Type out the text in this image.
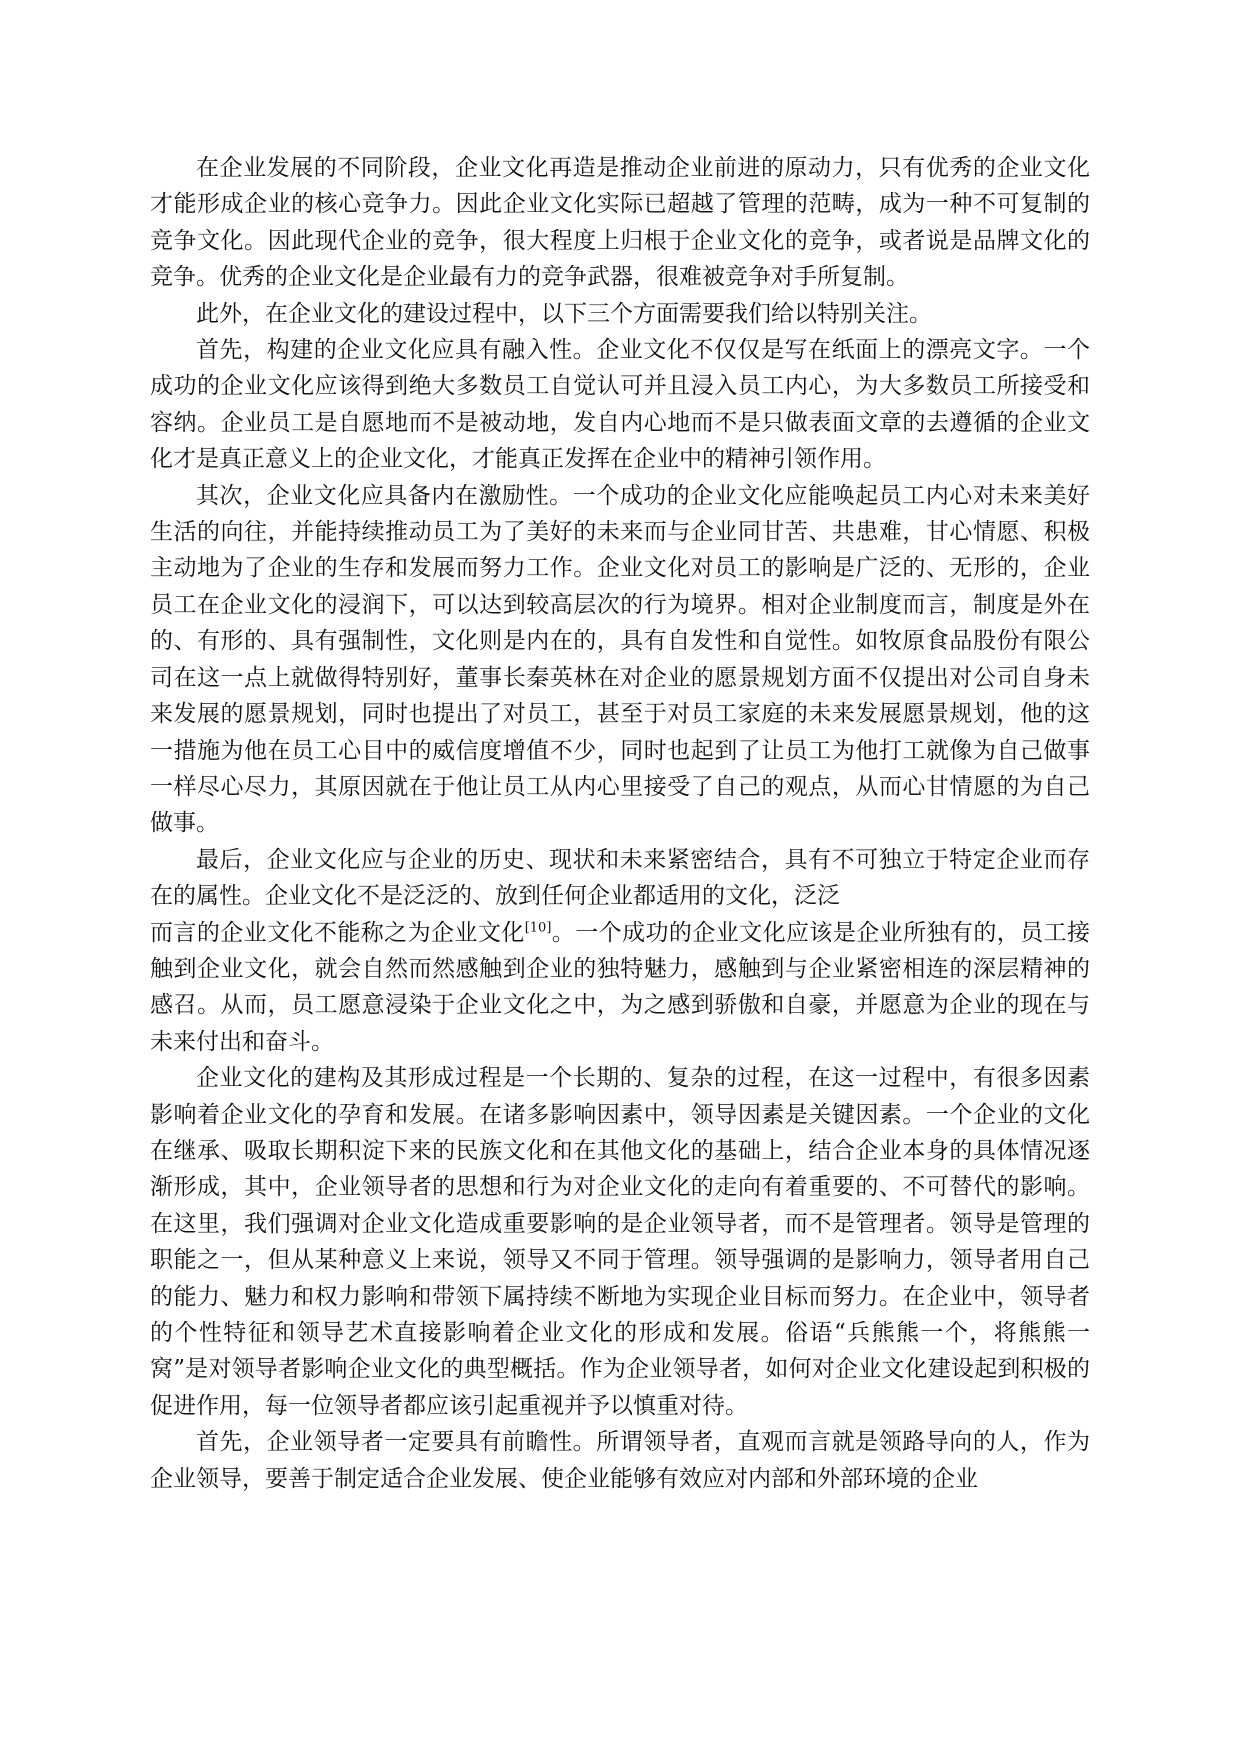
在企业发展的不同阶段，企业文化再造是推动企业前进的原动力，只有优秀的企业文化才能形成企业的核心竞争力。因此企业文化实际已超越了管理的范畴，成为一种不可复制的竞争文化。因此现代企业的竞争，很大程度上归根于企业文化的竞争，或者说是品牌文化的竞争。优秀的企业文化是企业最有力的竞争武器，很难被竞争对手所复制。

此外，在企业文化的建设过程中，以下三个方面需要我们给以特别关注。

首先，构建的企业文化应具有融入性。企业文化不仅仅是写在纸面上的漂亮文字。一个成功的企业文化应该得到绝大多数员工自觉认可并且浸入员工内心，为大多数员工所接受和容纳。企业员工是自愿地而不是被动地，发自内心地而不是只做表面文章的去遵循的企业文化才是真正意义上的企业文化，才能真正发挥在企业中的精神引领作用。

其次，企业文化应具备内在激励性。一个成功的企业文化应能唤起员工内心对未来美好生活的向往，并能持续推动员工为了美好的未来而与企业同甘苦、共患难，甘心情愿、积极主动地为了企业的生存和发展而努力工作。企业文化对员工的影响是广泛的、无形的，企业员工在企业文化的浸润下，可以达到较高层次的行为境界。相对企业制度而言，制度是外在的、有形的、具有强制性，文化则是内在的，具有自发性和自觉性。如牧原食品股份有限公司在这一点上就做得特别好，董事长秦英林在对企业的愿景规划方面不仅提出对公司自身未来发展的愿景规划，同时也提出了对员工，甚至于对员工家庭的未来发展愿景规划，他的这一措施为他在员工心目中的威信度增值不少，同时也起到了让员工为他打工就像为自己做事一样尽心尽力，其原因就在于他让员工从内心里接受了自己的观点，从而心甘情愿的为自己做事。

最后，企业文化应与企业的历史、现状和未来紧密结合，具有不可独立于特定企业而存在的属性。企业文化不是泛泛的、放到任何企业都适用的文化，泛泛

而言的企业文化不能称之为企业文化[10]。一个成功的企业文化应该是企业所独有的，员工接触到企业文化，就会自然而然感触到企业的独特魅力，感触到与企业紧密相连的深层精神的感召。从而，员工愿意浸染于企业文化之中，为之感到骄傲和自豪，并愿意为企业的现在与未来付出和奋斗。

企业文化的建构及其形成过程是一个长期的、复杂的过程，在这一过程中，有很多因素影响着企业文化的孕育和发展。在诸多影响因素中，领导因素是关键因素。一个企业的文化在继承、吸取长期积淀下来的民族文化和在其他文化的基础上，结合企业本身的具体情况逐渐形成，其中，企业领导者的思想和行为对企业文化的走向有着重要的、不可替代的影响。在这里，我们强调对企业文化造成重要影响的是企业领导者，而不是管理者。领导是管理的职能之一，但从某种意义上来说，领导又不同于管理。领导强调的是影响力，领导者用自己的能力、魅力和权力影响和带领下属持续不断地为实现企业目标而努力。在企业中，领导者的个性特征和领导艺术直接影响着企业文化的形成和发展。俗语“兵熊熊一个，将熊熊一窝”是对领导者影响企业文化的典型概括。作为企业领导者，如何对企业文化建设起到积极的促进作用，每一位领导者都应该引起重视并予以慎重对待。

首先，企业领导者一定要具有前瞻性。所谓领导者，直观而言就是领路导向的人，作为企业领导，要善于制定适合企业发展、使企业能够有效应对内部和外部环境的企业
